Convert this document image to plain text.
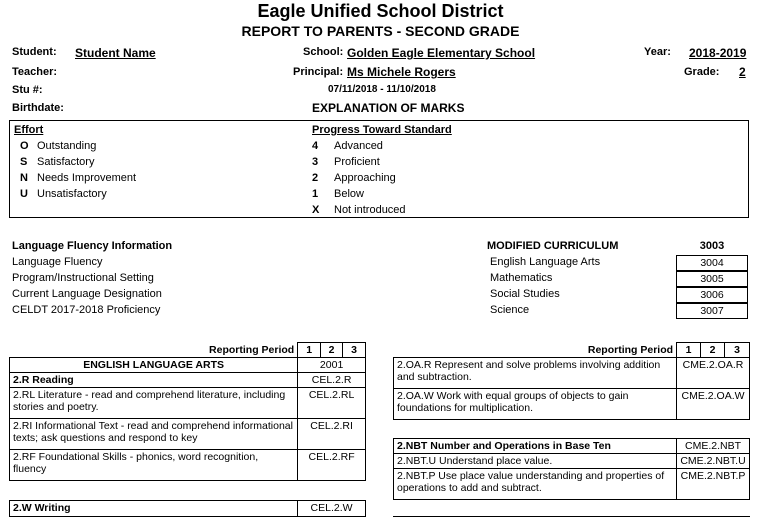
Eagle Unified School District
REPORT TO PARENTS - SECOND GRADE
Student: Student Name
Teacher:
Stu #:
Birthdate:
School: Golden Eagle Elementary School
Principal: Ms Michele Rogers
07/11/2018 - 11/10/2018
EXPLANATION OF MARKS
Year: 2018-2019
Grade: 2
Effort
O Outstanding
S Satisfactory
N Needs Improvement
U Unsatisfactory
Progress Toward Standard
4 Advanced
3 Proficient
2 Approaching
1 Below
X Not introduced
Language Fluency Information
Language Fluency
Program/Instructional Setting
Current Language Designation
CELDT 2017-2018 Proficiency
MODIFIED CURRICULUM	3003
English Language Arts	3004
Mathematics	3005
Social Studies	3006
Science	3007
Reporting Period	1	2	3
ENGLISH LANGUAGE ARTS	2001		
2.R Reading	CEL.2.R		
2.RL Literature - read and comprehend literature, including stories and poetry.	CEL.2.RL		

2.RI Informational Text - read and comprehend informational texts; ask questions and respond to key	CEL.2.RI		
2.RF Foundational Skills - phonics, word recognition, fluency	CEL.2.RF		
2.W Writing	CEL.2.W
Reporting Period	1	2	3
2.OA.R Represent and solve problems involving addition and subtraction.	CME.2.OA.R		
2.OA.W Work with equal groups of objects to gain foundations for multiplication.	CME.2.OA.W		
2.NBT Number and Operations in Base Ten	CME.2.NBT
2.NBT.U Understand place value.	CME.2.NBT.U
2.NBT.P Use place value understanding and properties of operations to add and subtract.	CME.2.NBT.P
